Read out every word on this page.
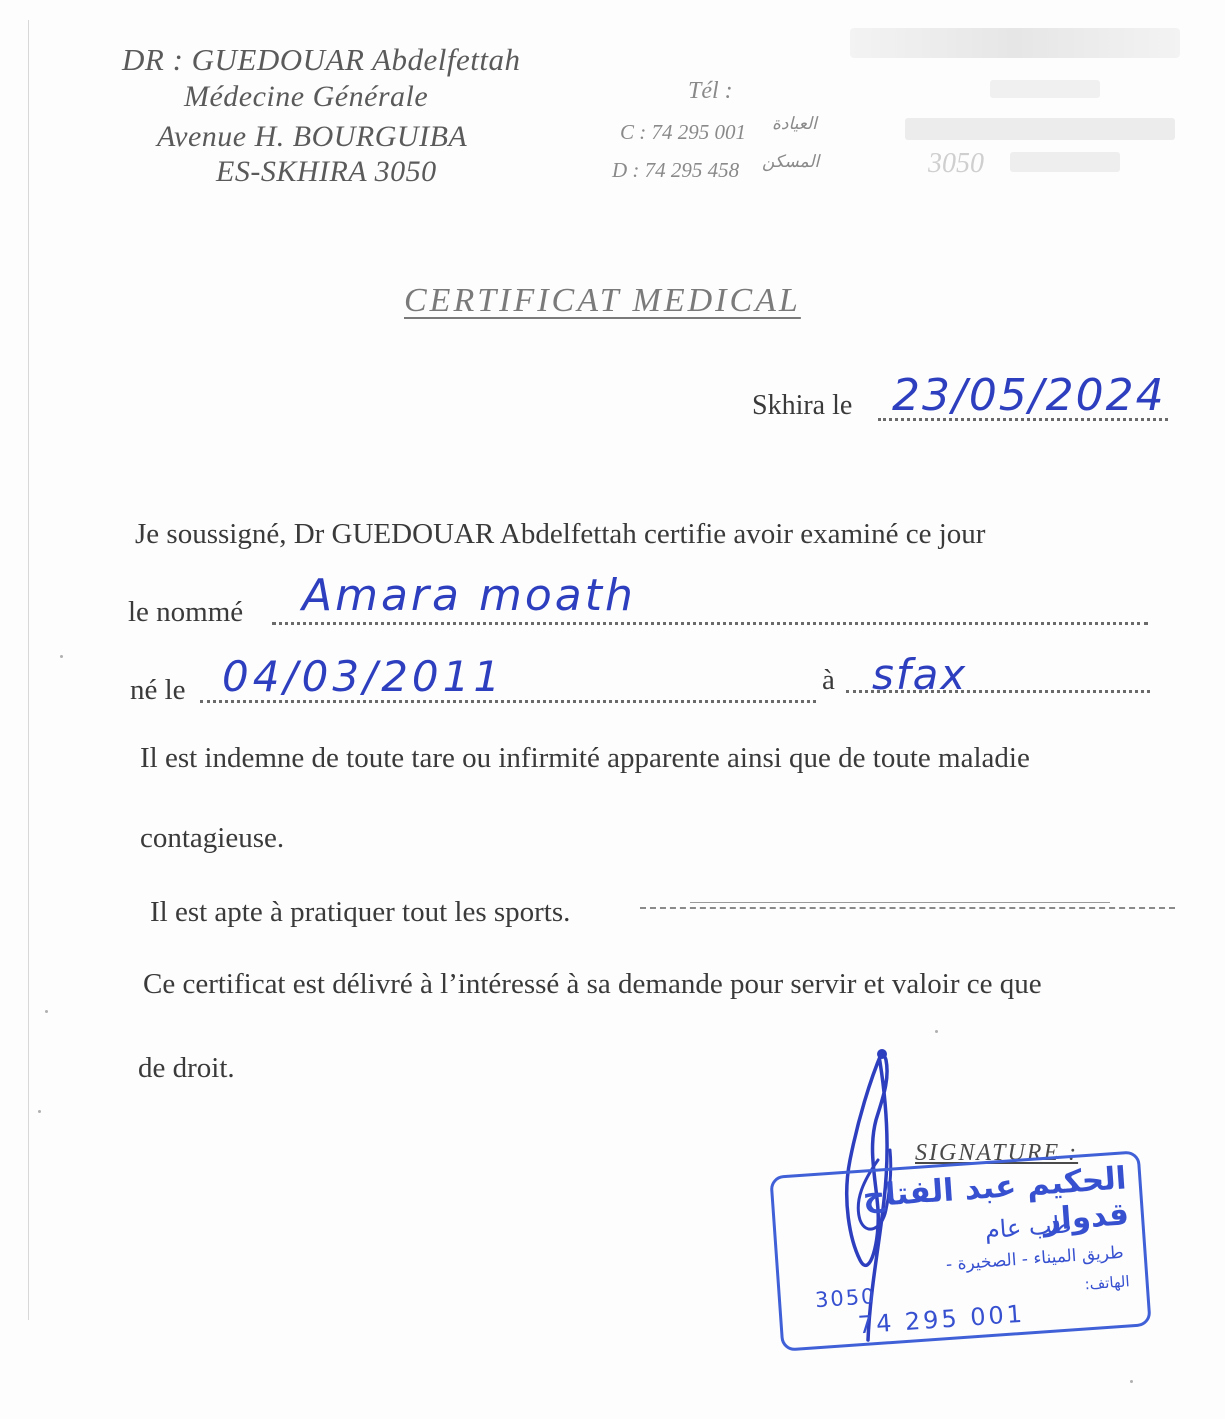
DR : GUEDOUAR Abdelfettah
Médecine Générale
Avenue H. BOURGUIBA
ES-SKHIRA 3050
Tél :
C : 74 295 001 العيادة
D : 74 295 458 المسكن	3050
CERTIFICAT MEDICAL
Skhira le 23/05/2024
Je soussigné, Dr GUEDOUAR Abdelfettah certifie avoir examiné ce jour
le nommé Amara moath
né le 04/03/2011	à sfax
Il est indemne de toute tare ou infirmité apparente ainsi que de toute maladie
contagieuse.
Il est apte à pratiquer tout les sports.
Ce certificat est délivré à l’intéressé à sa demande pour servir et valoir ce que
de droit.
SIGNATURE :
الحكيم عبد الفتاح قدوار
طب عام
طريق الميناء - الصخيرة -
3050
الهاتف:
74 295 001
